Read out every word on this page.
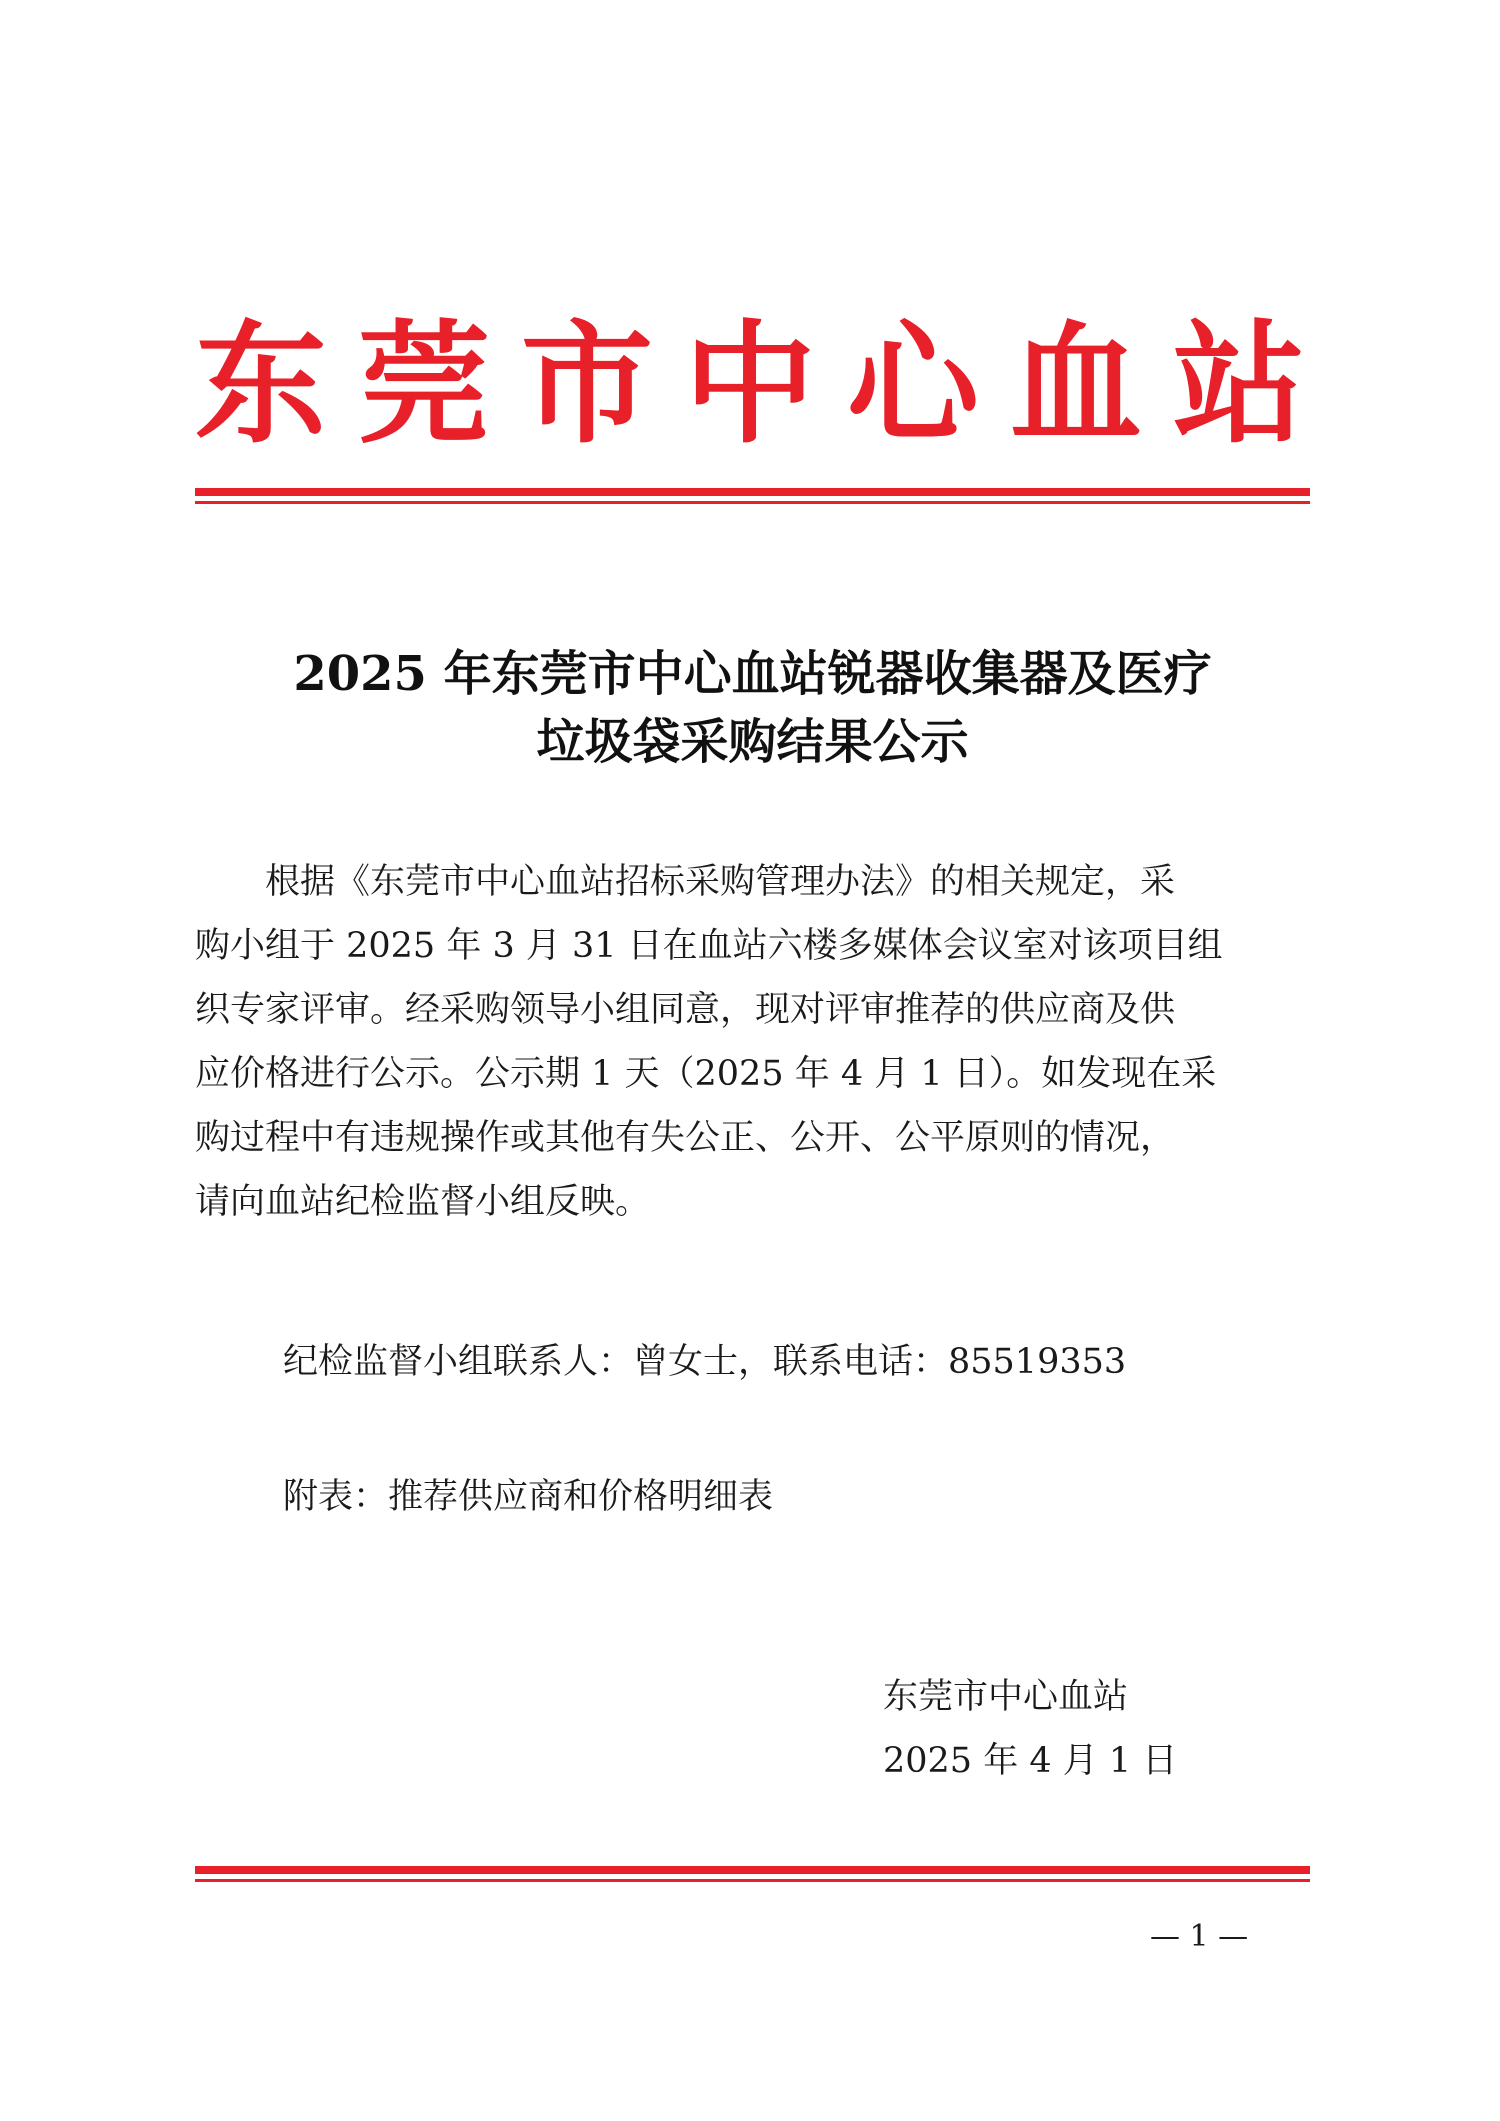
东 莞 市 中 心 血 站
2025 年东莞市中心血站锐器收集器及医疗
垃圾袋采购结果公示
　　根据《东莞市中心血站招标采购管理办法》的相关规定，采
购小组于 2025 年 3 月 31 日在血站六楼多媒体会议室对该项目组
织专家评审。经采购领导小组同意，现对评审推荐的供应商及供
应价格进行公示。公示期 1 天（2025 年 4 月 1 日）。如发现在采
购过程中有违规操作或其他有失公正、公开、公平原则的情况，
请向血站纪检监督小组反映。
纪检监督小组联系人：曾女士，联系电话：85519353
附表：推荐供应商和价格明细表
东莞市中心血站
2025 年 4 月 1 日
— 1 —
